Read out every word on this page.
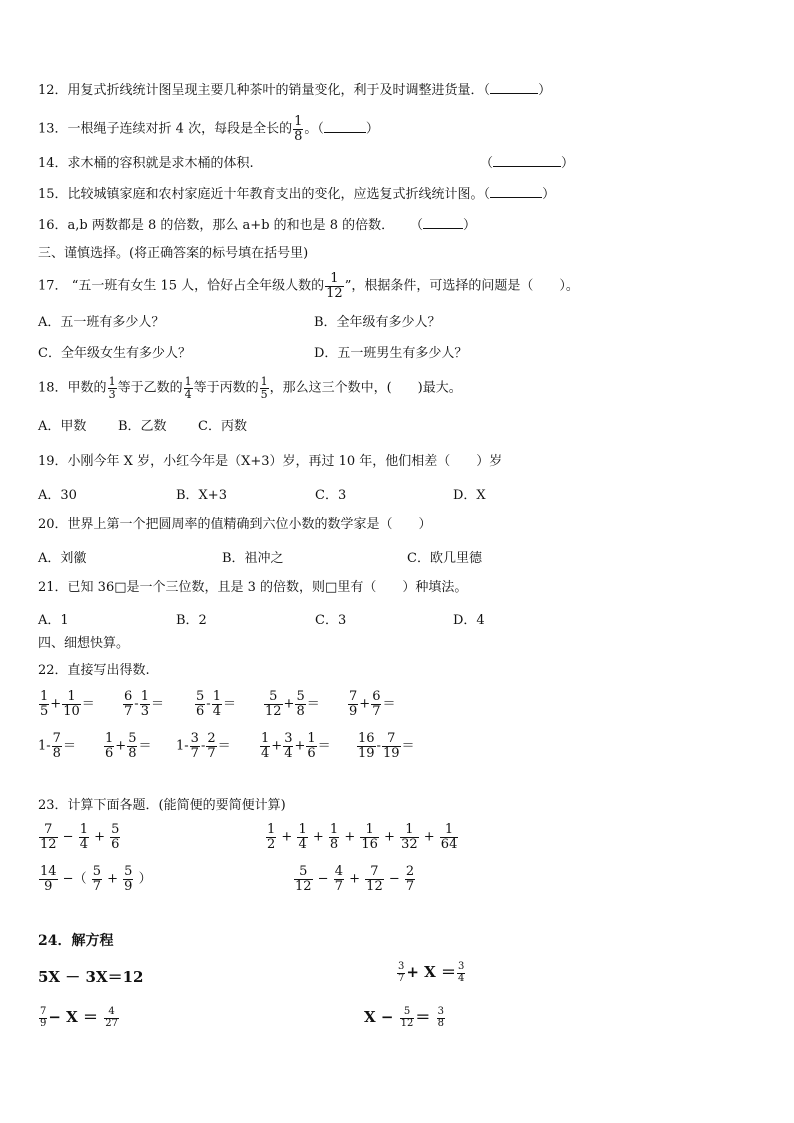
12．用复式折线统计图呈现主要几种茶叶的销量变化，利于及时调整进货量．（	）
13．一根绳子连续对折 4 次，每段是全长的 $\frac{1}{8}$ 。（	）
14．求木桶的容积就是求木桶的体积.	（	）
15．比较城镇家庭和农村家庭近十年教育支出的变化，应选复式折线统计图。（	）
16．a,b 两数都是 8 的倍数，那么 a+b 的和也是 8 的倍数． （	）
三、谨慎选择。(将正确答案的标号填在括号里)
17． “五一班有女生 15 人，恰好占全年级人数的 $\frac{1}{12}$ ”，根据条件，可选择的问题是（　　）。
A．五一班有多少人？	B．全年级有多少人？
C．全年级女生有多少人？	D．五一班男生有多少人？
18．甲数的 $\frac{1}{3}$ 等于乙数的 $\frac{1}{4}$ 等于丙数的 $\frac{1}{5}$ ，那么这三个数中，(　　)最大。
A．甲数 B．乙数 C．丙数
19．小刚今年 X 岁，小红今年是（X+3）岁，再过 10 年，他们相差（　　）岁
A．30	B．X+3	C．3	D．X
20．世界上第一个把圆周率的值精确到六位小数的数学家是（　　）
A．刘徽	B．祖冲之	C．欧几里德
21．已知 36□是一个三位数，且是 3 的倍数，则□里有（　　）种填法。
A．1	B．2	C．3	D．4
四、细想快算。
22．直接写出得数.
$\frac{1}{5} + \frac{1}{10} = \frac{6}{7} - \frac{1}{3} = \frac{5}{6} - \frac{1}{4} = \frac{5}{12} + \frac{5}{8} = \frac{7}{9} + \frac{6}{7}$ ＝
$1- \frac{7}{8} = \frac{1}{6} + \frac{5}{8} = 1- \frac{3}{7} - \frac{2}{7} = \frac{1}{4} + \frac{3}{4} + \frac{1}{6} = \frac{16}{19} - \frac{7}{19}$ ＝
23．计算下面各题．(能简便的要简便计算)
$\frac{7}{12} - \frac{1}{4} + \frac{5}{6}$	$\frac{1}{2} + \frac{1}{4} + \frac{1}{8} + \frac{1}{16} + \frac{1}{32} + \frac{1}{64}$
$\frac{14}{9}$ −（ $\frac{5}{7} + \frac{5}{9}$ ）	$\frac{5}{12} - \frac{4}{7} + \frac{7}{12} - \frac{2}{7}$
24．解方程
5X － 3X＝12	$\frac{3}{7} + X = \frac{3}{4}$
$\frac{7}{9} - X = \frac{4}{27}$	$X - \frac{5}{12} = \frac{3}{8}$
